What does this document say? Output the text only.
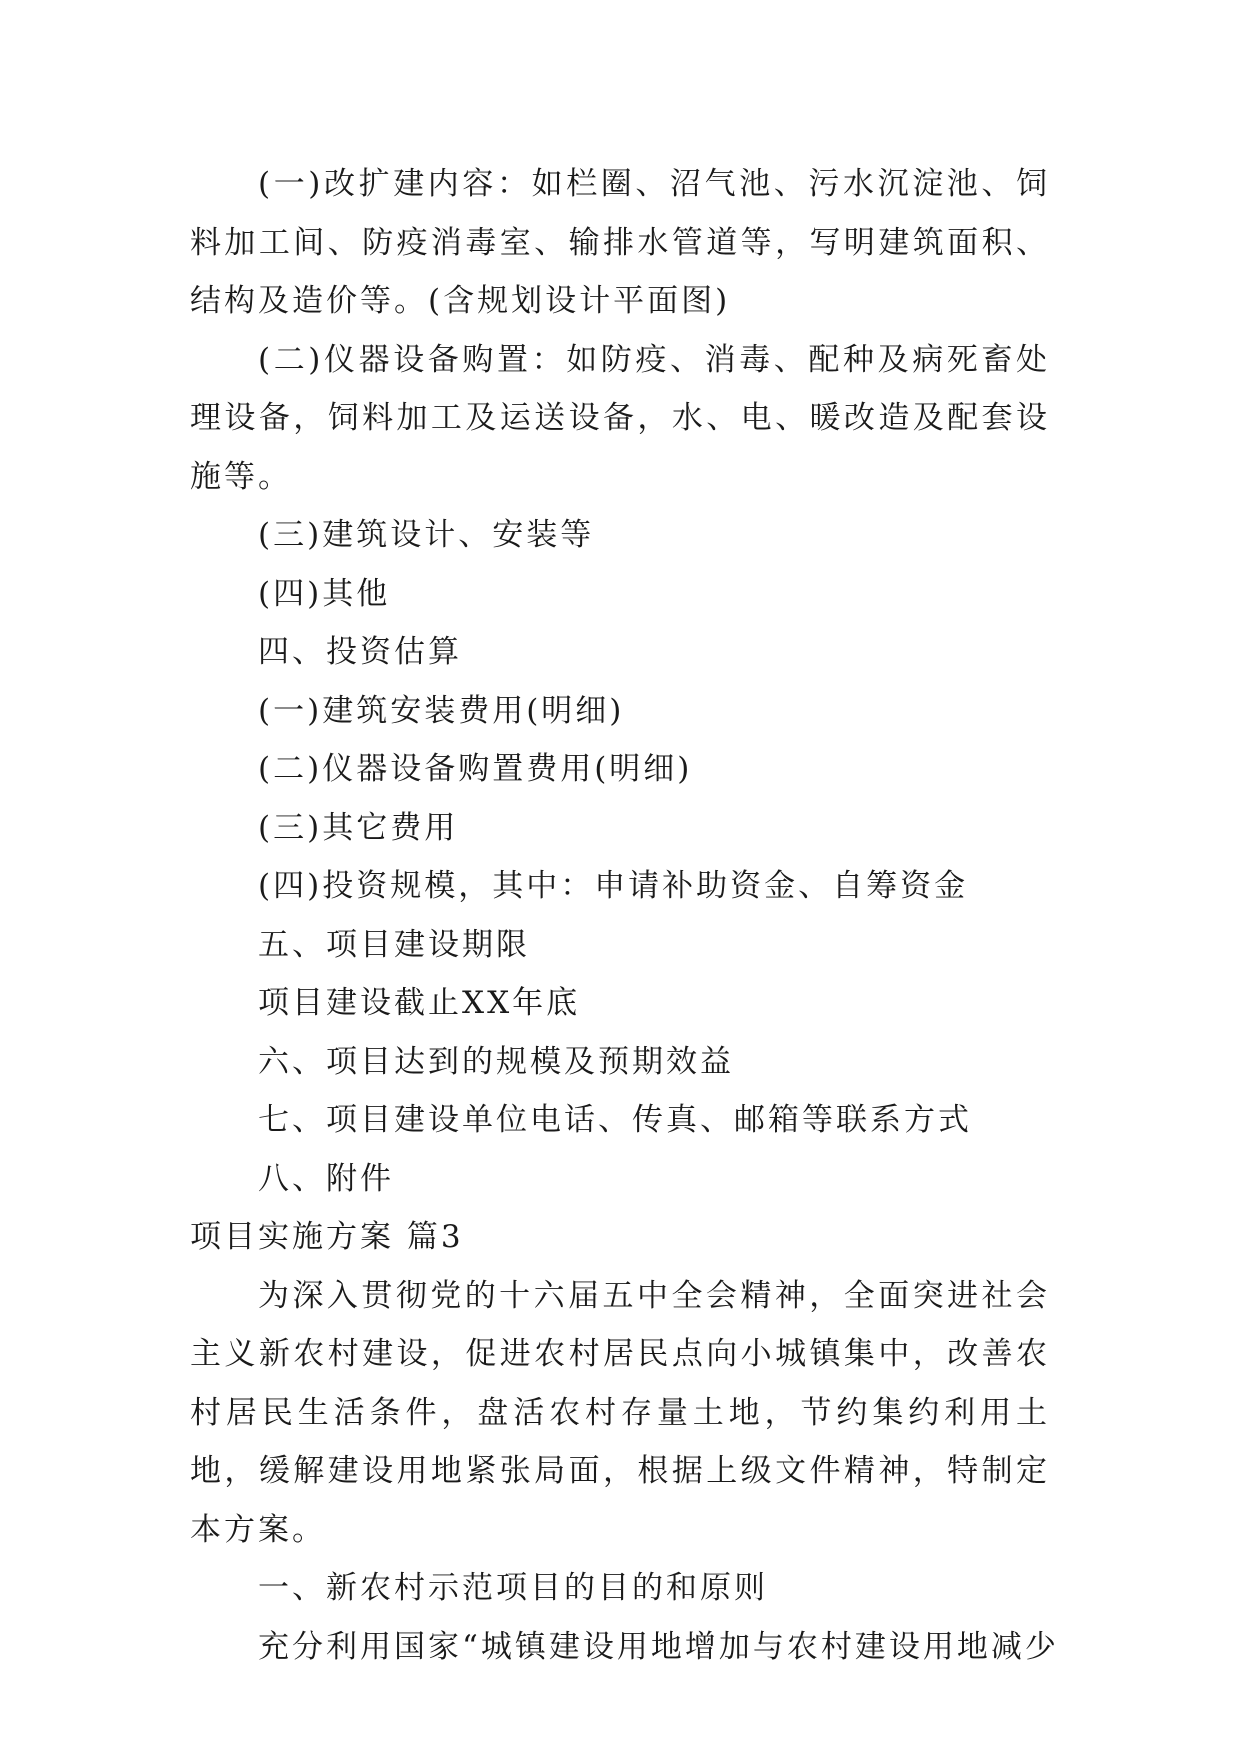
(一)改扩建内容：如栏圈、沼气池、污水沉淀池、饲料加工间、防疫消毒室、输排水管道等，写明建筑面积、结构及造价等。(含规划设计平面图)
(二)仪器设备购置：如防疫、消毒、配种及病死畜处理设备，饲料加工及运送设备，水、电、暖改造及配套设施等。
(三)建筑设计、安装等
(四)其他
四、投资估算
(一)建筑安装费用(明细)
(二)仪器设备购置费用(明细)
(三)其它费用
(四)投资规模，其中：申请补助资金、自筹资金
五、项目建设期限
项目建设截止XX年底
六、项目达到的规模及预期效益
七、项目建设单位电话、传真、邮箱等联系方式
八、附件
项目实施方案 篇3
为深入贯彻党的十六届五中全会精神，全面突进社会主义新农村建设，促进农村居民点向小城镇集中，改善农村居民生活条件，盘活农村存量土地，节约集约利用土地，缓解建设用地紧张局面，根据上级文件精神，特制定本方案。
一、新农村示范项目的目的和原则
充分利用国家“城镇建设用地增加与农村建设用地减少
